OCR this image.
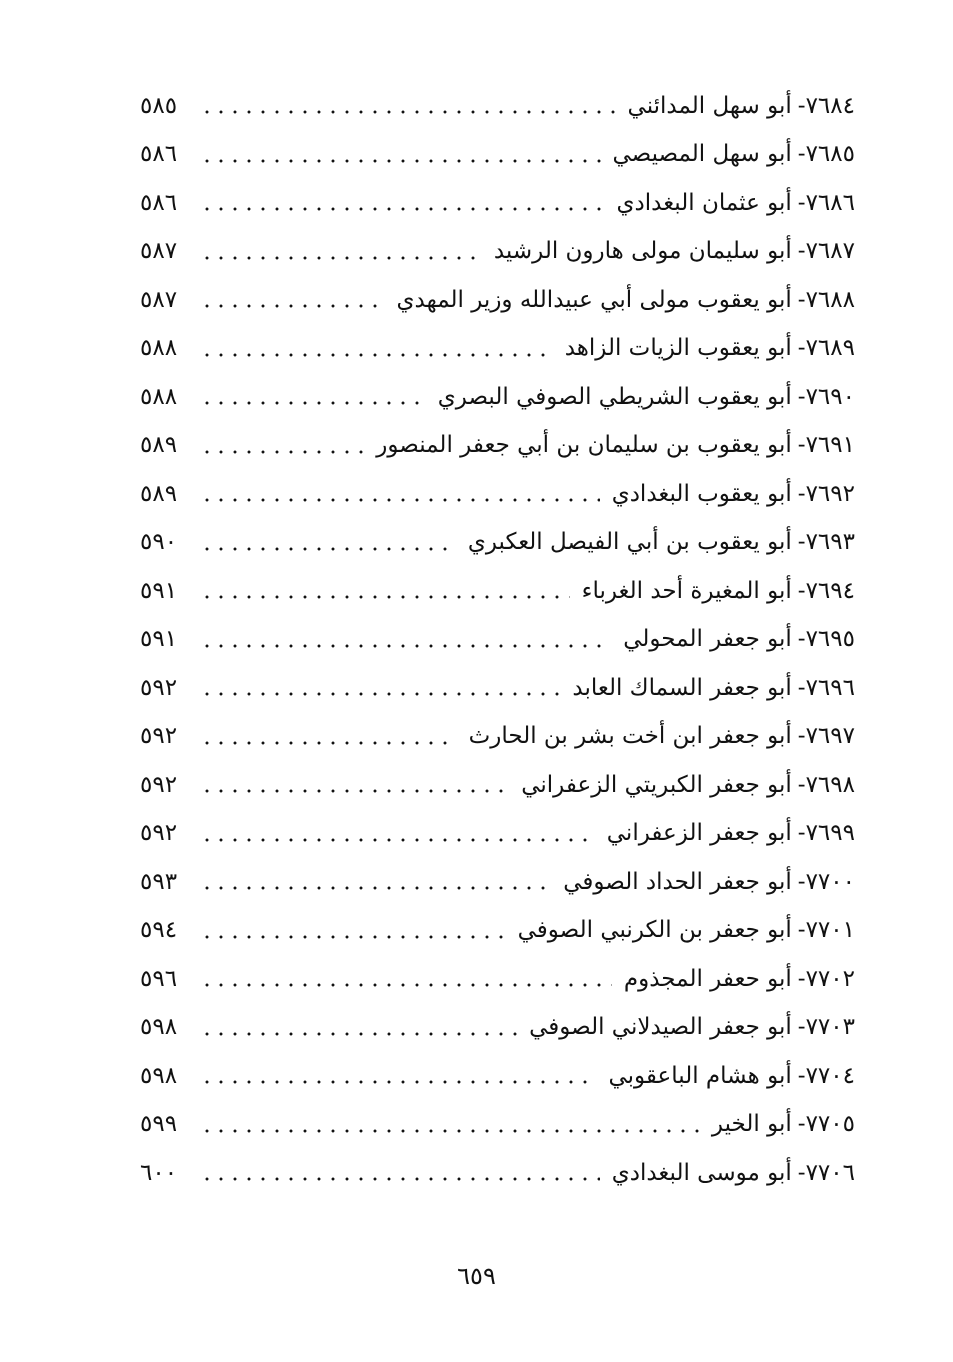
٧٦٨٤-
أبو سهل المدائني
٥٨٥
٧٦٨٥-
أبو سهل المصيصي
٥٨٦
٧٦٨٦-
أبو عثمان البغدادي
٥٨٦
٧٦٨٧-
أبو سليمان مولى هارون الرشيد
٥٨٧
٧٦٨٨-
أبو يعقوب مولى أبي عبيدالله وزير المهدي
٥٨٧
٧٦٨٩-
أبو يعقوب الزيات الزاهد
٥٨٨
٧٦٩٠-
أبو يعقوب الشريطي الصوفي البصري
٥٨٨
٧٦٩١-
أبو يعقوب بن سليمان بن أبي جعفر المنصور
٥٨٩
٧٦٩٢-
أبو يعقوب البغدادي
٥٨٩
٧٦٩٣-
أبو يعقوب بن أبي الفيصل العكبري
٥٩٠
٧٦٩٤-
أبو المغيرة أحد الغرباء
٥٩١
٧٦٩٥-
أبو جعفر المحولي
٥٩١
٧٦٩٦-
أبو جعفر السماك العابد
٥٩٢
٧٦٩٧-
أبو جعفر ابن أخت بشر بن الحارث
٥٩٢
٧٦٩٨-
أبو جعفر الكبريتي الزعفراني
٥٩٢
٧٦٩٩-
أبو جعفر الزعفراني
٥٩٢
٧٧٠٠-
أبو جعفر الحداد الصوفي
٥٩٣
٧٧٠١-
أبو جعفر بن الكرنبي الصوفي
٥٩٤
٧٧٠٢-
أبو حعفر المجذوم
٥٩٦
٧٧٠٣-
أبو جعفر الصيدلاني الصوفي
٥٩٨
٧٧٠٤-
أبو هشام الباعقوبي
٥٩٨
٧٧٠٥-
أبو الخير
٥٩٩
٧٧٠٦-
أبو موسى البغدادي
٦٠٠
٦٥٩
